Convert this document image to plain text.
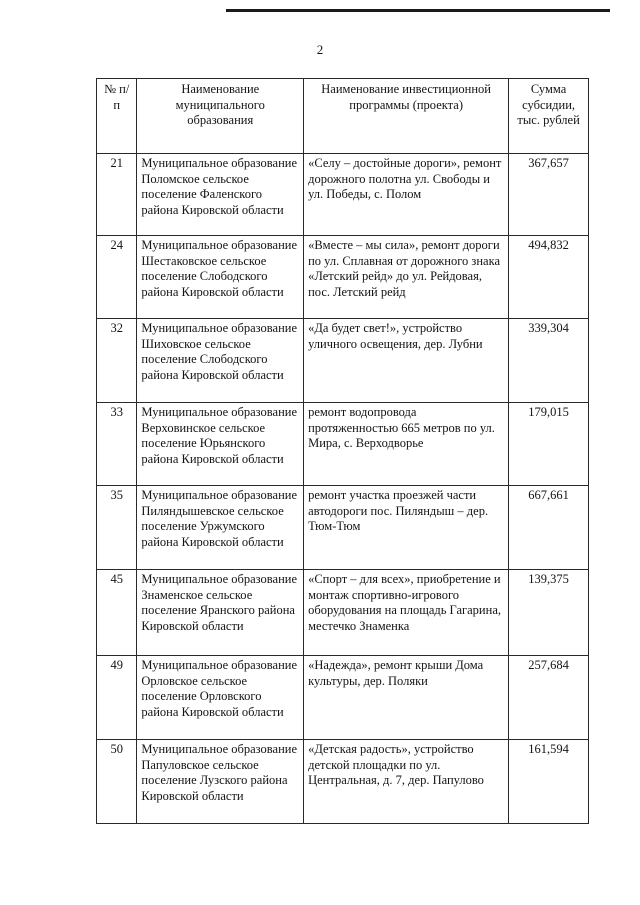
2
№ п/п	Наименование муниципального образования	Наименование инвестиционной программы (проекта)	Сумма субсидии, тыс. рублей
21	Муниципальное образование Поломское сельское поселение Фаленского района Кировской области	«Селу – достойные дороги», ремонт дорожного полотна ул. Свободы и ул. Победы, с. Полом	367,657
24	Муниципальное образование Шестаковское сельское поселение Слободского района Кировской области	«Вместе – мы сила», ремонт дороги по ул. Сплавная от дорожного знака «Летский рейд» до ул. Рейдовая, пос. Летский рейд	494,832
32	Муниципальное образование Шиховское сельское поселение Слободского района Кировской области	«Да будет свет!», устройство уличного освещения, дер. Лубни	339,304
33	Муниципальное образование Верховинское сельское поселение Юрьянского района Кировской области	ремонт водопровода протяженностью 665 метров по ул. Мира, с. Верходворье	179,015
35	Муниципальное образование Пиляндышевское сельское поселение Уржумского района Кировской области	ремонт участка проезжей части автодороги пос. Пиляндыш – дер. Тюм-Тюм	667,661
45	Муниципальное образование Знаменское сельское поселение Яранского района Кировской области	«Спорт – для всех», приобретение и монтаж спортивно-игрового оборудования на площадь Гагарина, местечко Знаменка	139,375
49	Муниципальное образование Орловское сельское поселение Орловского района Кировской области	«Надежда», ремонт крыши Дома культуры, дер. Поляки	257,684
50	Муниципальное образование Папуловское сельское поселение Лузского района Кировской области	«Детская радость», устройство детской площадки по ул. Центральная, д. 7, дер. Папулово	161,594
